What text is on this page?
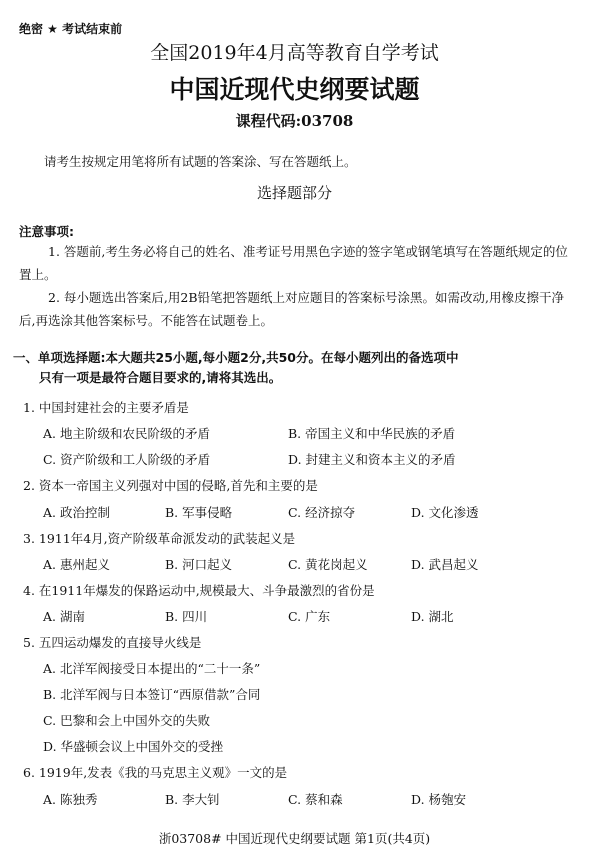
绝密 ★ 考试结束前
全国2019年4月高等教育自学考试
中国近现代史纲要试题
课程代码:03708
请考生按规定用笔将所有试题的答案涂、写在答题纸上。
选择题部分
注意事项:
1. 答题前,考生务必将自己的姓名、准考证号用黑色字迹的签字笔或钢笔填写在答题纸规定的位置上。
2. 每小题选出答案后,用2B铅笔把答题纸上对应题目的答案标号涂黑。如需改动,用橡皮擦干净后,再选涂其他答案标号。不能答在试题卷上。
一、单项选择题:本大题共25小题,每小题2分,共50分。在每小题列出的备选项中
只有一项是最符合题目要求的,请将其选出。
1. 中国封建社会的主要矛盾是
A. 地主阶级和农民阶级的矛盾	B. 帝国主义和中华民族的矛盾
C. 资产阶级和工人阶级的矛盾	D. 封建主义和资本主义的矛盾
2. 资本一帝国主义列强对中国的侵略,首先和主要的是
A. 政治控制	B. 军事侵略	C. 经济掠夺	D. 文化渗透
3. 1911年4月,资产阶级革命派发动的武装起义是
A. 惠州起义	B. 河口起义	C. 黄花岗起义	D. 武昌起义
4. 在1911年爆发的保路运动中,规模最大、斗争最激烈的省份是
A. 湖南	B. 四川	C. 广东	D. 湖北
5. 五四运动爆发的直接导火线是
A. 北洋军阀接受日本提出的“二十一条”
B. 北洋军阀与日本签订“西原借款”合同
C. 巴黎和会上中国外交的失败
D. 华盛顿会议上中国外交的受挫
6. 1919年,发表《我的马克思主义观》一文的是
A. 陈独秀	B. 李大钊	C. 蔡和森	D. 杨匏安
浙03708# 中国近现代史纲要试题 第1页(共4页)
